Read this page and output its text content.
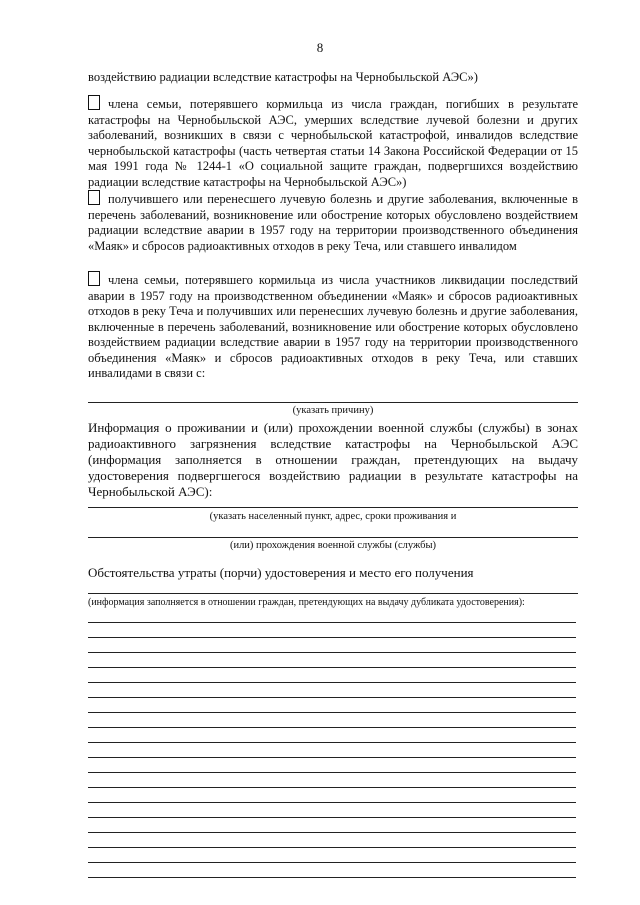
8
воздействию радиации вследствие катастрофы на Чернобыльской АЭС»)
члена семьи, потерявшего кормильца из числа граждан, погибших в результате катастрофы на Чернобыльской АЭС, умерших вследствие лучевой болезни и других заболеваний, возникших в связи с чернобыльской катастрофой, инвалидов вследствие чернобыльской катастрофы (часть четвертая статьи 14 Закона Российской Федерации от 15 мая 1991 года № 1244-1 «О социальной защите граждан, подвергшихся воздействию радиации вследствие катастрофы на Чернобыльской АЭС»)
получившего или перенесшего лучевую болезнь и другие заболевания, включенные в перечень заболеваний, возникновение или обострение которых обусловлено воздействием радиации вследствие аварии в 1957 году на территории производственного объединения «Маяк» и сбросов радиоактивных отходов в реку Теча, или ставшего инвалидом
члена семьи, потерявшего кормильца из числа участников ликвидации последствий аварии в 1957 году на производственном объединении «Маяк» и сбросов радиоактивных отходов в реку Теча и получивших или перенесших лучевую болезнь и другие заболевания, включенные в перечень заболеваний, возникновение или обострение которых обусловлено воздействием радиации вследствие аварии в 1957 году на территории производственного объединения «Маяк» и сбросов радиоактивных отходов в реку Теча, или ставших инвалидами в связи с:
(указать причину)
Информация о проживании и (или) прохождении военной службы (службы) в зонах радиоактивного загрязнения вследствие катастрофы на Чернобыльской АЭС (информация заполняется в отношении граждан, претендующих на выдачу удостоверения подвергшегося воздействию радиации в результате катастрофы на Чернобыльской АЭС):
(указать населенный пункт, адрес, сроки проживания и
(или) прохождения военной службы (службы)
Обстоятельства утраты (порчи) удостоверения и место его получения
(информация заполняется в отношении граждан, претендующих на выдачу дубликата удостоверения):
